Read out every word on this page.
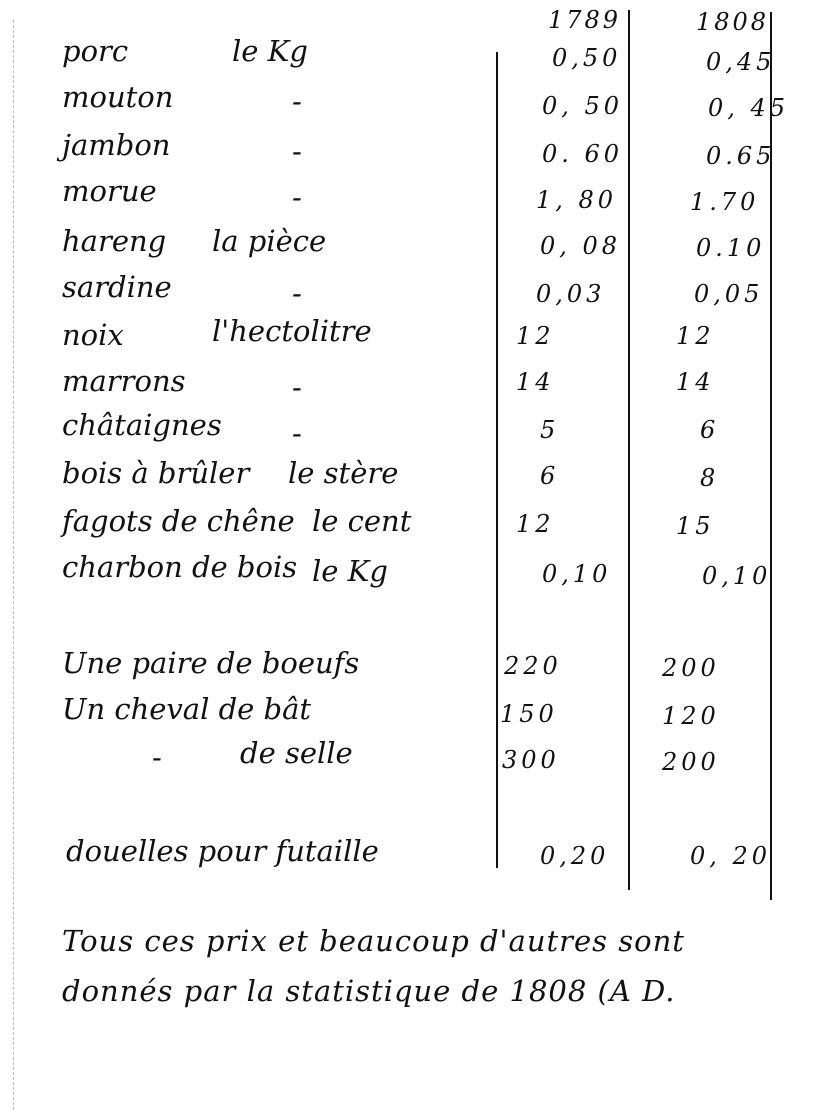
1789	1808
porc	le Kg	0,50	0,45
mouton	-	0, 50	0, 45
jambon	-	0. 60	0.65
morue	-	1, 80	1.70
hareng la pièce	0, 08	0.10
sardine	-	0,03	0,05
noix	l'hectolitre	12	12
marrons	-	14	14
châtaignes -	5	6
bois à brûler le stère	6	8
fagots de chêne le cent	12	15
charbon de bois le Kg	0,10	0,10
Une paire de boeufs	220	200
Un cheval de bât	150	120
-	de selle	300	200
douelles pour futaille	0,20	0, 20
Tous ces prix et beaucoup d'autres sont
donnés par la statistique de 1808 (A D.
